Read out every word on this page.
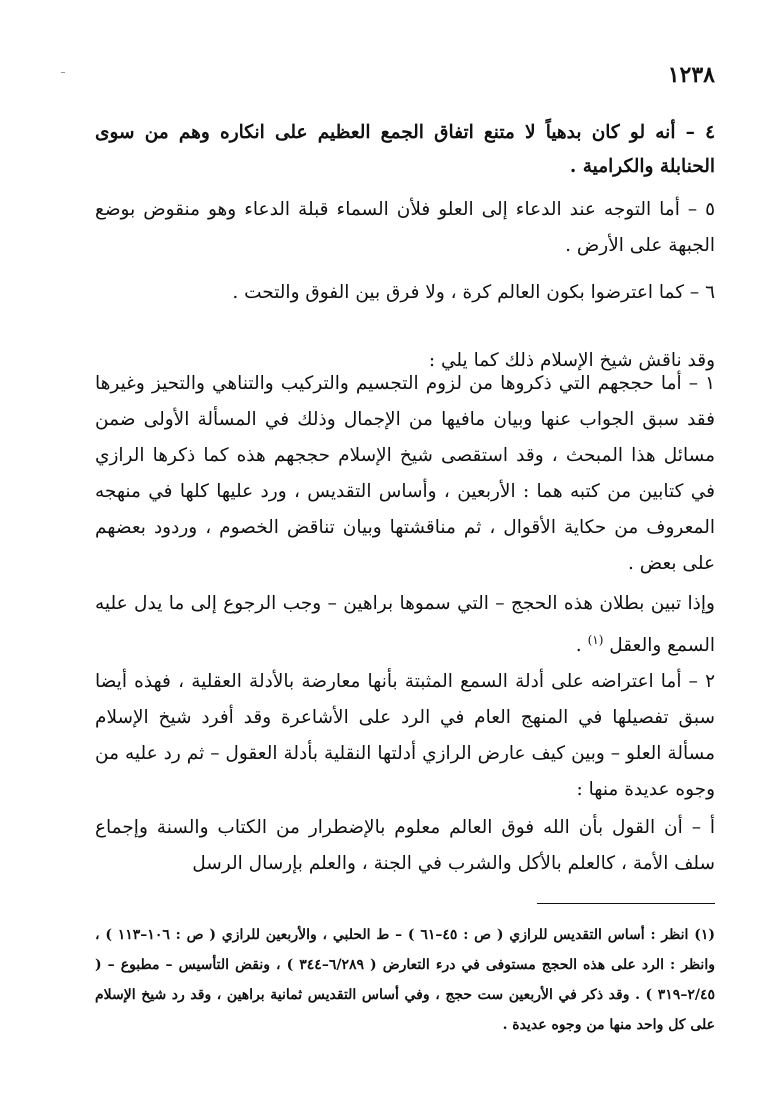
١٢٣٨

٤ – أنه لو كان بدهياً لا متنع اتفاق الجمع العظيم على انكاره وهم من سوى الحنابلة والكرامية .

٥ – أما التوجه عند الدعاء إلى العلو فلأن السماء قبلة الدعاء وهو منقوض بوضع الجبهة على الأرض .

٦ – كما اعترضوا بكون العالم كرة ، ولا فرق بين الفوق والتحت .

وقد ناقش شيخ الإسلام ذلك كما يلي :

١ – أما حججهم التي ذكروها من لزوم التجسيم والتركيب والتناهي والتحيز وغيرها فقد سبق الجواب عنها وبيان مافيها من الإجمال وذلك في المسألة الأولى ضمن مسائل هذا المبحث ، وقد استقصى شيخ الإسلام حججهم هذه كما ذكرها الرازي في كتابين من كتبه هما : الأربعين ، وأساس التقديس ، ورد عليها كلها في منهجه المعروف من حكاية الأقوال ، ثم مناقشتها وبيان تناقض الخصوم ، وردود بعضهم على بعض .

وإذا تبين بطلان هذه الحجج – التي سموها براهين – وجب الرجوع إلى ما يدل عليه السمع والعقل $^{(١)}$ .

٢ – أما اعتراضه على أدلة السمع المثبتة بأنها معارضة بالأدلة العقلية ، فهذه أيضا سبق تفصيلها في المنهج العام في الرد على الأشاعرة وقد أفرد شيخ الإسلام مسألة العلو – وبين كيف عارض الرازي أدلتها النقلية بأدلة العقول – ثم رد عليه من وجوه عديدة منها :

أ – أن القول بأن الله فوق العالم معلوم بالإضطرار من الكتاب والسنة وإجماع سلف الأمة ، كالعلم بالأكل والشرب في الجنة ، والعلم بإرسال الرسل

(١) انظر : أساس التقديس للرازي ( ص : ٤٥–٦١ ) – ط الحلبي ، والأربعين للرازي ( ص : ١٠٦–١١٣ ) ، وانظر : الرد على هذه الحجج مستوفى في درء التعارض ( ٦/٢٨٩–٣٤٤ ) ، ونقض التأسيس – مطبوع – ( ٢/٤٥–٣١٩ ) . وقد ذكر في الأربعين ست حجج ، وفي أساس التقديس ثمانية براهين ، وقد رد شيخ الإسلام على كل واحد منها من وجوه عديدة .
